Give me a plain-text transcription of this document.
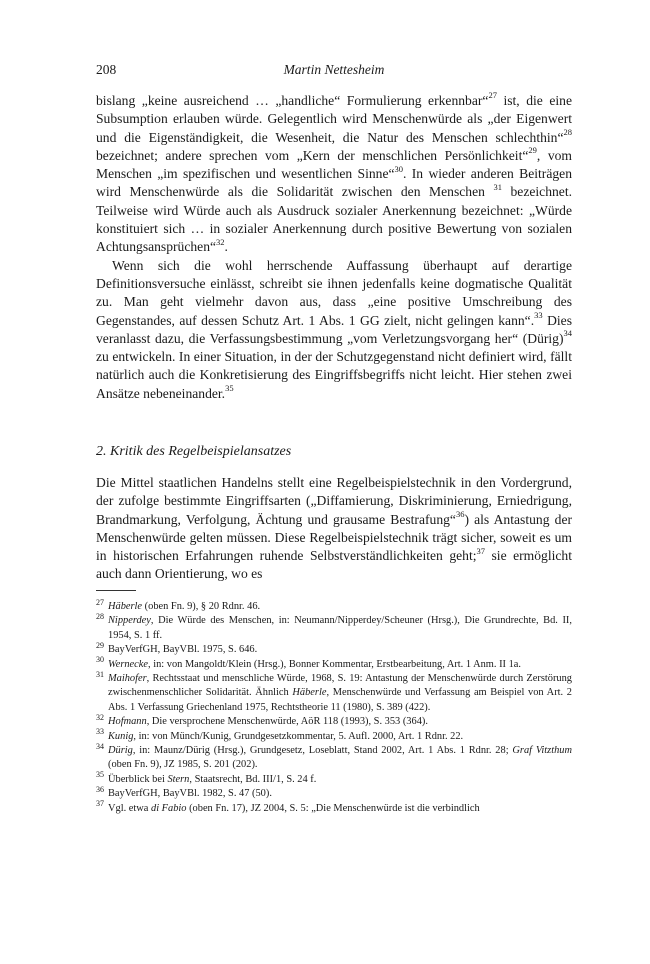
208	Martin Nettesheim

bislang „keine ausreichend … „handliche“ Formulierung erkennbar“$^{27}$ ist, die eine Subsumption erlauben würde. Gelegentlich wird Menschenwürde als „der Eigenwert und die Eigenständigkeit, die Wesenheit, die Natur des Menschen schlechthin“$^{28}$ bezeichnet; andere sprechen vom „Kern der menschlichen Persönlichkeit“$^{29}$, vom Menschen „im spezifischen und wesentlichen Sinne“$^{30}$. In wieder anderen Beiträgen wird Menschenwürde als die Solidarität zwischen den Menschen $^{31}$ bezeichnet. Teilweise wird Würde auch als Ausdruck sozialer Anerkennung bezeichnet: „Würde konstituiert sich … in sozialer Anerkennung durch positive Bewertung von sozialen Achtungsansprüchen“$^{32}$.

Wenn sich die wohl herrschende Auffassung überhaupt auf derartige Definitionsversuche einlässt, schreibt sie ihnen jedenfalls keine dogmatische Qualität zu. Man geht vielmehr davon aus, dass „eine positive Umschreibung des Gegenstandes, auf dessen Schutz Art. 1 Abs. 1 GG zielt, nicht gelingen kann“.$^{33}$ Dies veranlasst dazu, die Verfassungsbestimmung „vom Verletzungsvorgang her“ (Dürig)$^{34}$ zu entwickeln. In einer Situation, in der der Schutzgegenstand nicht definiert wird, fällt natürlich auch die Konkretisierung des Eingriffsbegriffs nicht leicht. Hier stehen zwei Ansätze nebeneinander.$^{35}$

2. Kritik des Regelbeispielansatzes

Die Mittel staatlichen Handelns stellt eine Regelbeispielstechnik in den Vordergrund, der zufolge bestimmte Eingriffsarten („Diffamierung, Diskriminierung, Erniedrigung, Brandmarkung, Verfolgung, Ächtung und grausame Bestrafung“$^{36}$) als Antastung der Menschenwürde gelten müssen. Diese Regelbeispielstechnik trägt sicher, soweit es um in historischen Erfahrungen ruhende Selbstverständlichkeiten geht;$^{37}$ sie ermöglicht auch dann Orientierung, wo es

27 Häberle (oben Fn. 9), § 20 Rdnr. 46.

28 Nipperdey, Die Würde des Menschen, in: Neumann/Nipperdey/Scheuner (Hrsg.), Die Grundrechte, Bd. II, 1954, S. 1 ff.

29 BayVerfGH, BayVBl. 1975, S. 646.

30 Wernecke, in: von Mangoldt/Klein (Hrsg.), Bonner Kommentar, Erstbearbeitung, Art. 1 Anm. II 1a.

31 Maihofer, Rechtsstaat und menschliche Würde, 1968, S. 19: Antastung der Menschenwürde durch Zerstörung zwischenmenschlicher Solidarität. Ähnlich Häberle, Menschenwürde und Verfassung am Beispiel von Art. 2 Abs. 1 Verfassung Griechenland 1975, Rechtstheorie 11 (1980), S. 389 (422).

32 Hofmann, Die versprochene Menschenwürde, AöR 118 (1993), S. 353 (364).

33 Kunig, in: von Münch/Kunig, Grundgesetzkommentar, 5. Aufl. 2000, Art. 1 Rdnr. 22.

34 Dürig, in: Maunz/Dürig (Hrsg.), Grundgesetz, Loseblatt, Stand 2002, Art. 1 Abs. 1 Rdnr. 28; Graf Vitzthum (oben Fn. 9), JZ 1985, S. 201 (202).

35 Überblick bei Stern, Staatsrecht, Bd. III/1, S. 24 f.

36 BayVerfGH, BayVBl. 1982, S. 47 (50).

37 Vgl. etwa di Fabio (oben Fn. 17), JZ 2004, S. 5: „Die Menschenwürde ist die verbindlich
